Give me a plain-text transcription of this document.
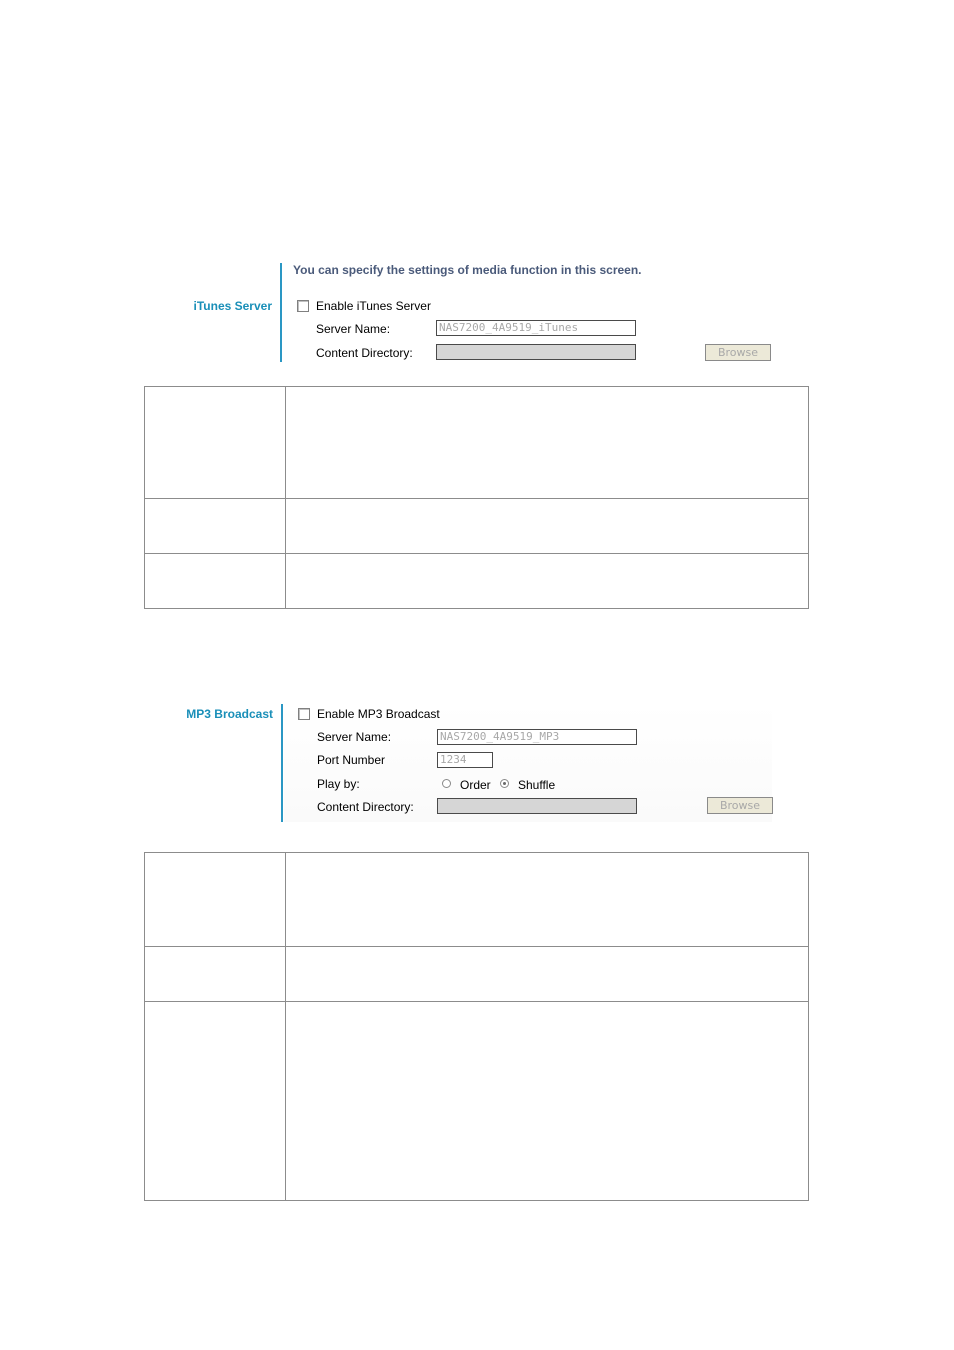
You can specify the settings of media function in this screen.
iTunes Server	Enable iTunes Server
Server Name:	NAS7200_4A9519_iTunes
Content Directory:	Browse

MP3 Broadcast	Enable MP3 Broadcast
Server Name:	NAS7200_4A9519_MP3
Port Number	1234
Play by:	Order Shuffle
Content Directory:	Browse
